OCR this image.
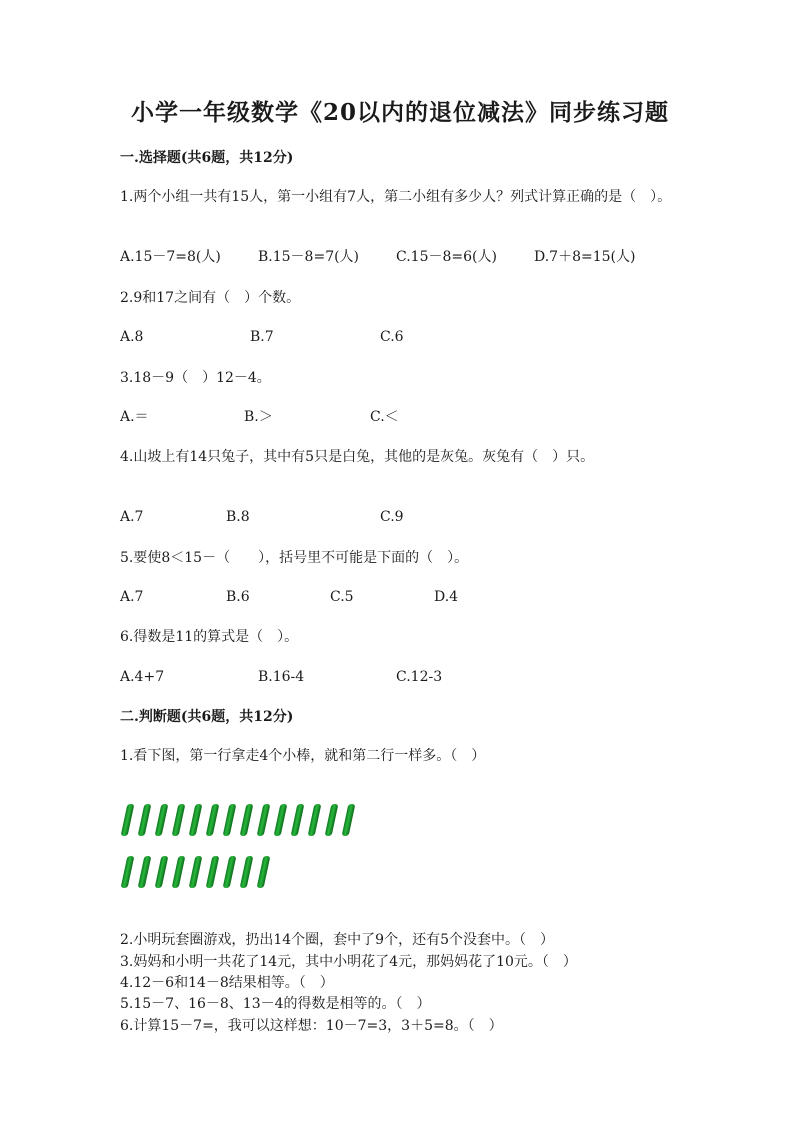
小学一年级数学《20以内的退位减法》同步练习题
一.选择题(共6题，共12分)
1.两个小组一共有15人，第一小组有7人，第二小组有多少人？列式计算正确的是（　）。
A.15－7=8(人)	B.15－8=7(人)	C.15－8=6(人)	D.7＋8=15(人)
2.9和17之间有（　）个数。
A.8	B.7	C.6
3.18－9（　）12－4。
A.＝	B.＞	C.＜
4.山坡上有14只兔子，其中有5只是白兔，其他的是灰兔。灰兔有（　）只。
A.7	B.8	C.9
5.要使8＜15－（　　），括号里不可能是下面的（　）。
A.7	B.6	C.5	D.4
6.得数是11的算式是（　）。
A.4+7	B.16-4	C.12-3
二.判断题(共6题，共12分)
1.看下图，第一行拿走4个小棒，就和第二行一样多。（　）
2.小明玩套圈游戏，扔出14个圈，套中了9个，还有5个没套中。（　）
3.妈妈和小明一共花了14元，其中小明花了4元，那妈妈花了10元。（　）
4.12－6和14－8结果相等。（　）
5.15－7、16－8、13－4的得数是相等的。（　）
6.计算15－7=，我可以这样想：10－7=3，3＋5=8。（　）
